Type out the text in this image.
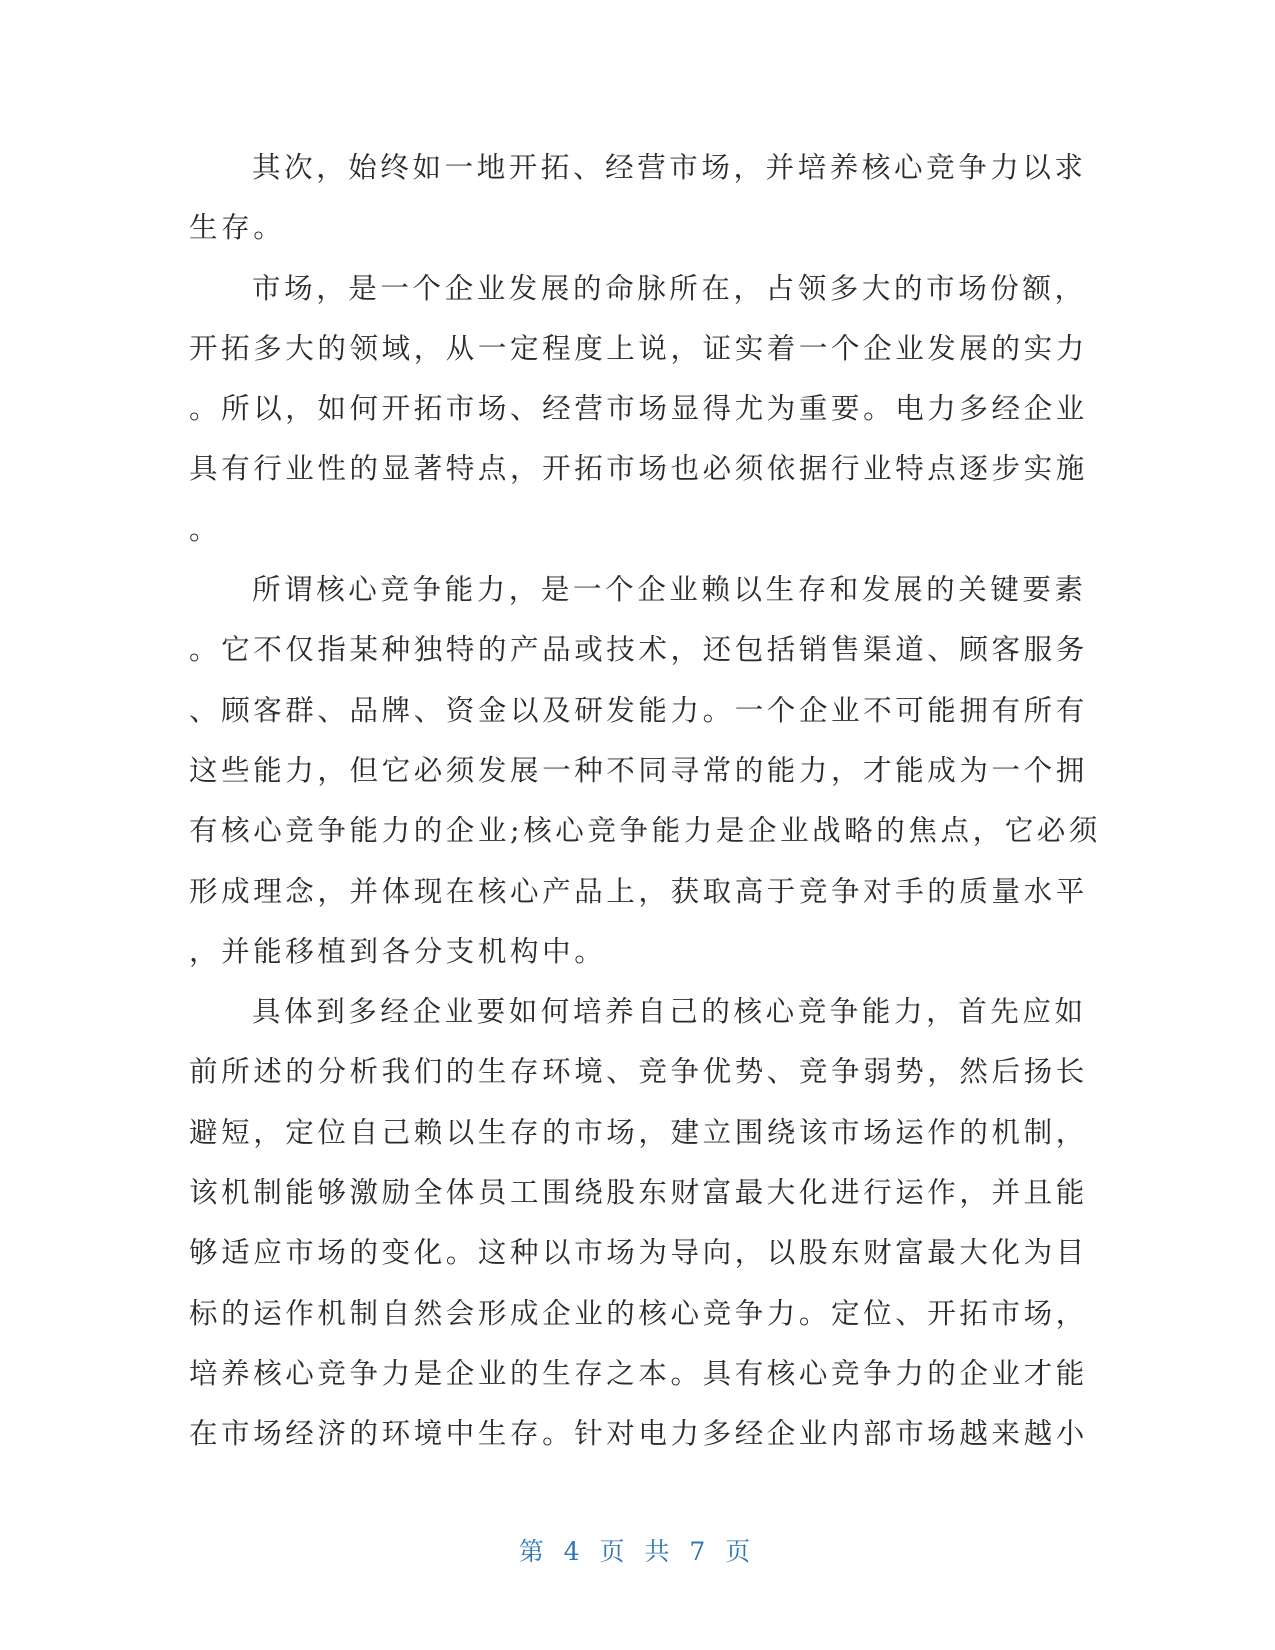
其次，始终如一地开拓、经营市场，并培养核心竞争力以求

生存。

市场，是一个企业发展的命脉所在，占领多大的市场份额，

开拓多大的领域，从一定程度上说，证实着一个企业发展的实力

。所以，如何开拓市场、经营市场显得尤为重要。电力多经企业

具有行业性的显著特点，开拓市场也必须依据行业特点逐步实施

。

所谓核心竞争能力，是一个企业赖以生存和发展的关键要素

。它不仅指某种独特的产品或技术，还包括销售渠道、顾客服务

、顾客群、品牌、资金以及研发能力。一个企业不可能拥有所有

这些能力，但它必须发展一种不同寻常的能力，才能成为一个拥

有核心竞争能力的企业;核心竞争能力是企业战略的焦点，它必须

形成理念，并体现在核心产品上，获取高于竞争对手的质量水平

，并能移植到各分支机构中。

具体到多经企业要如何培养自己的核心竞争能力，首先应如

前所述的分析我们的生存环境、竞争优势、竞争弱势，然后扬长

避短，定位自己赖以生存的市场，建立围绕该市场运作的机制，

该机制能够激励全体员工围绕股东财富最大化进行运作，并且能

够适应市场的变化。这种以市场为导向，以股东财富最大化为目

标的运作机制自然会形成企业的核心竞争力。定位、开拓市场，

培养核心竞争力是企业的生存之本。具有核心竞争力的企业才能

在市场经济的环境中生存。针对电力多经企业内部市场越来越小

第 4 页 共 7 页
